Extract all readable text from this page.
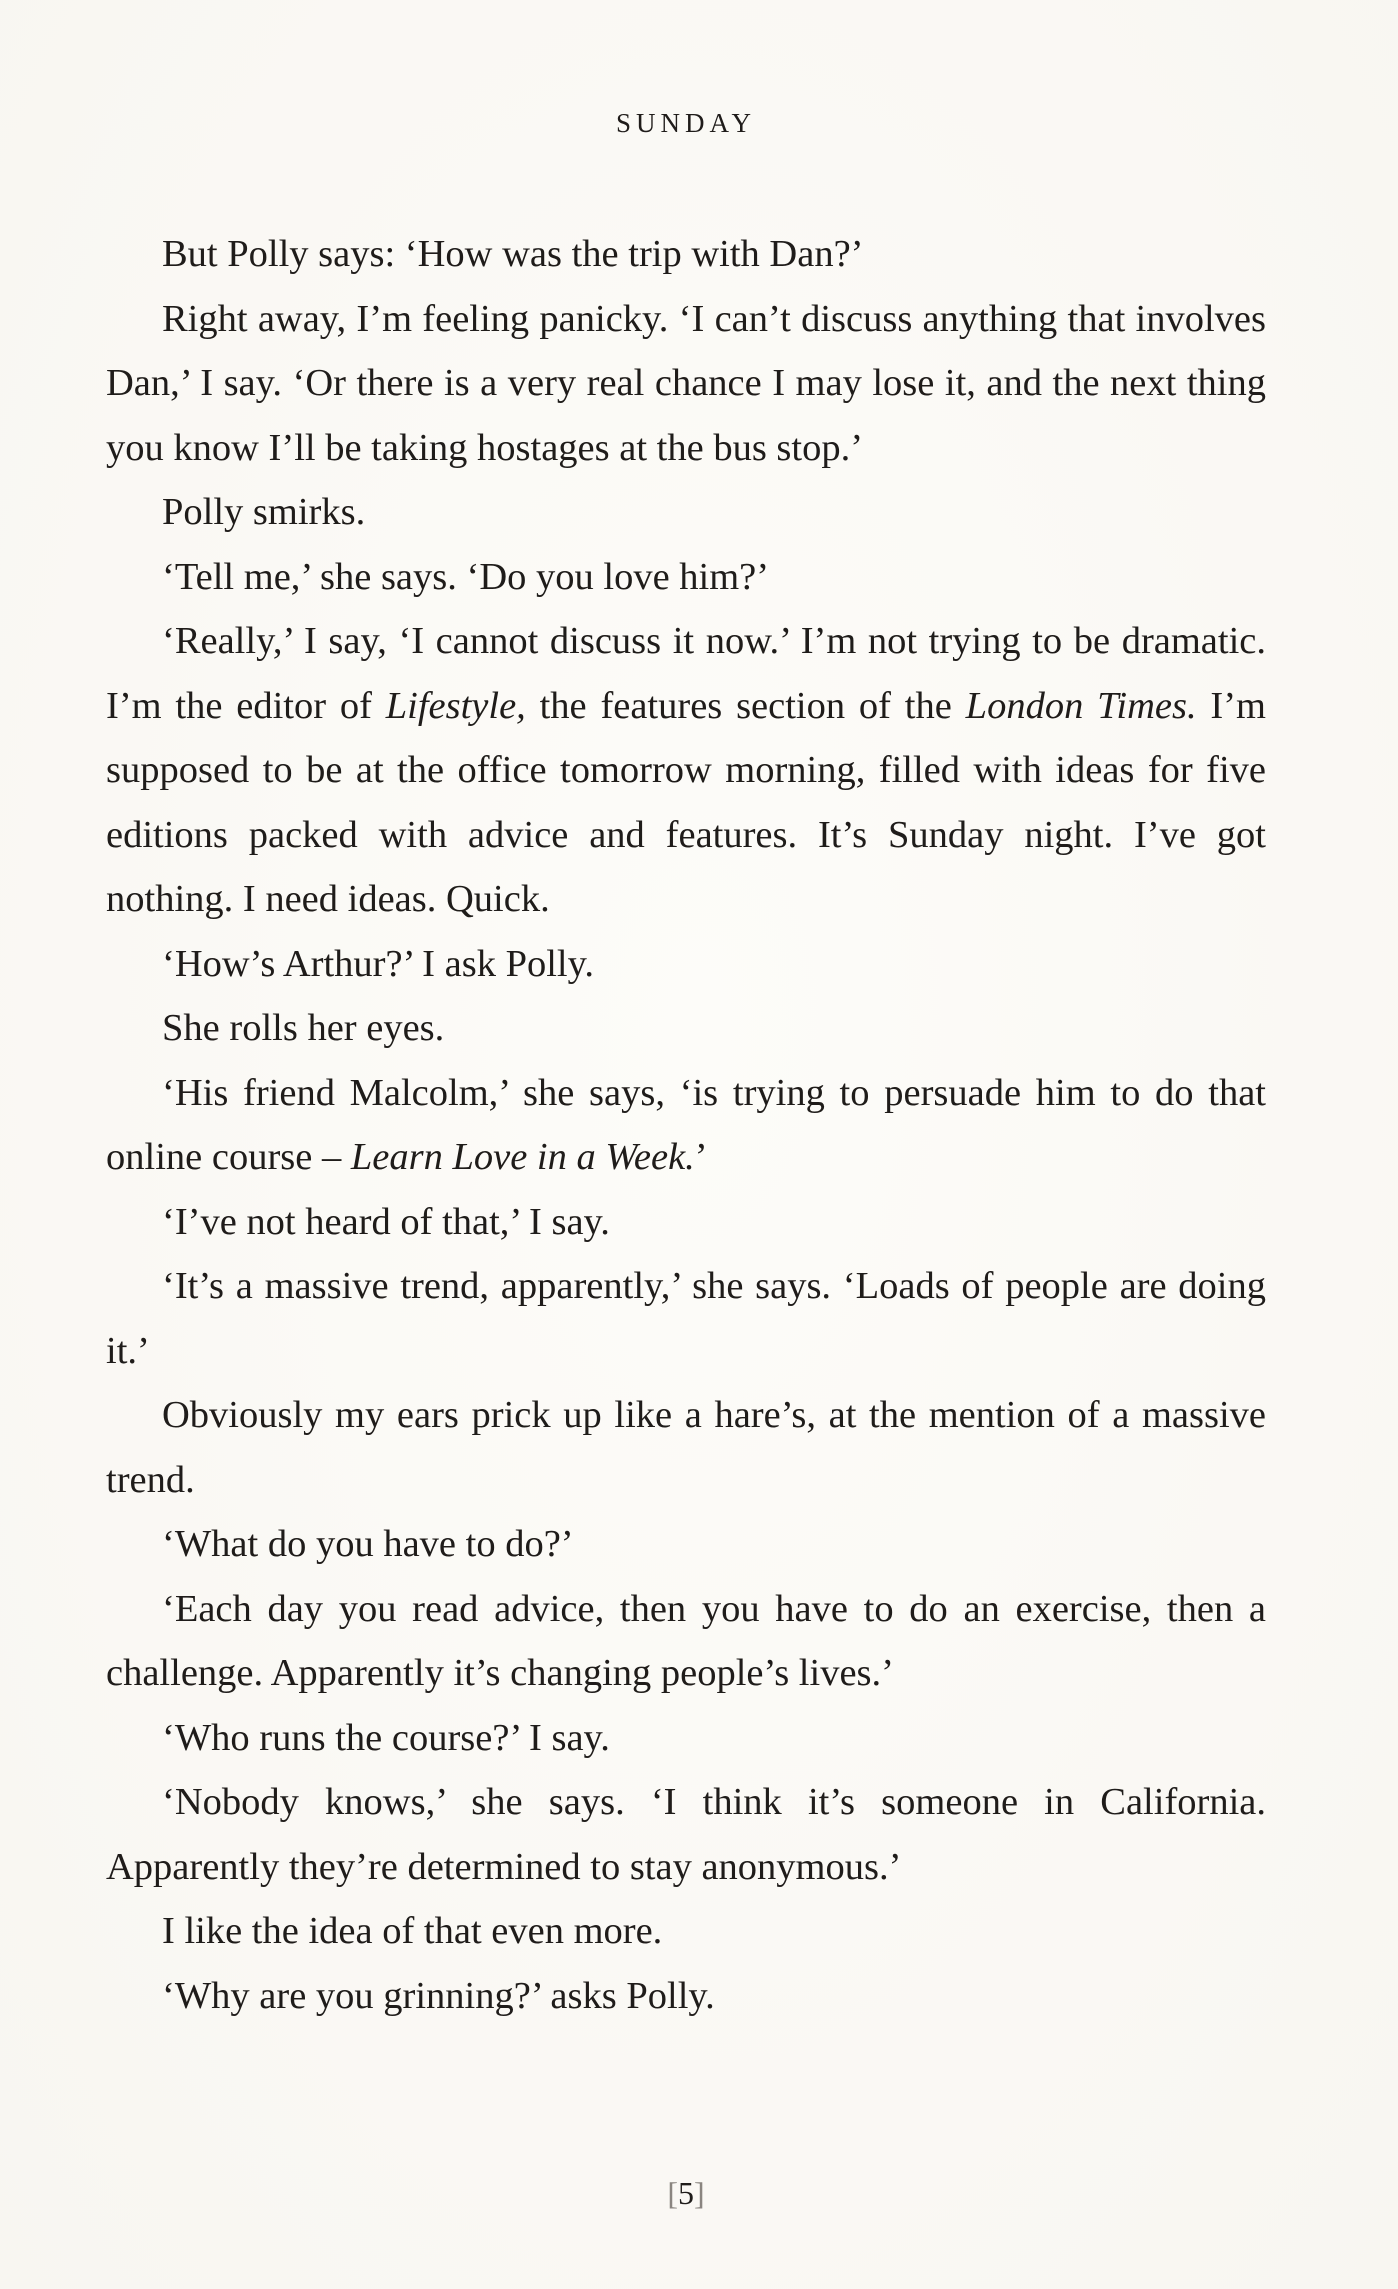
SUNDAY

But Polly says: ‘How was the trip with Dan?’

Right away, I’m feeling panicky. ‘I can’t discuss anything that involves Dan,’ I say. ‘Or there is a very real chance I may lose it, and the next thing you know I’ll be taking hostages at the bus stop.’

Polly smirks.

‘Tell me,’ she says. ‘Do you love him?’

‘Really,’ I say, ‘I cannot discuss it now.’ I’m not trying to be dramatic. I’m the editor of Lifestyle, the features section of the London Times. I’m supposed to be at the office tomorrow morning, filled with ideas for five editions packed with advice and features. It’s Sunday night. I’ve got nothing. I need ideas. Quick.

‘How’s Arthur?’ I ask Polly.

She rolls her eyes.

‘His friend Malcolm,’ she says, ‘is trying to persuade him to do that online course – Learn Love in a Week.’

‘I’ve not heard of that,’ I say.

‘It’s a massive trend, apparently,’ she says. ‘Loads of people are doing it.’

Obviously my ears prick up like a hare’s, at the mention of a massive trend.

‘What do you have to do?’

‘Each day you read advice, then you have to do an exercise, then a challenge. Apparently it’s changing people’s lives.’

‘Who runs the course?’ I say.

‘Nobody knows,’ she says. ‘I think it’s someone in California. Apparently they’re determined to stay anonymous.’

I like the idea of that even more.

‘Why are you grinning?’ asks Polly.

[5]
